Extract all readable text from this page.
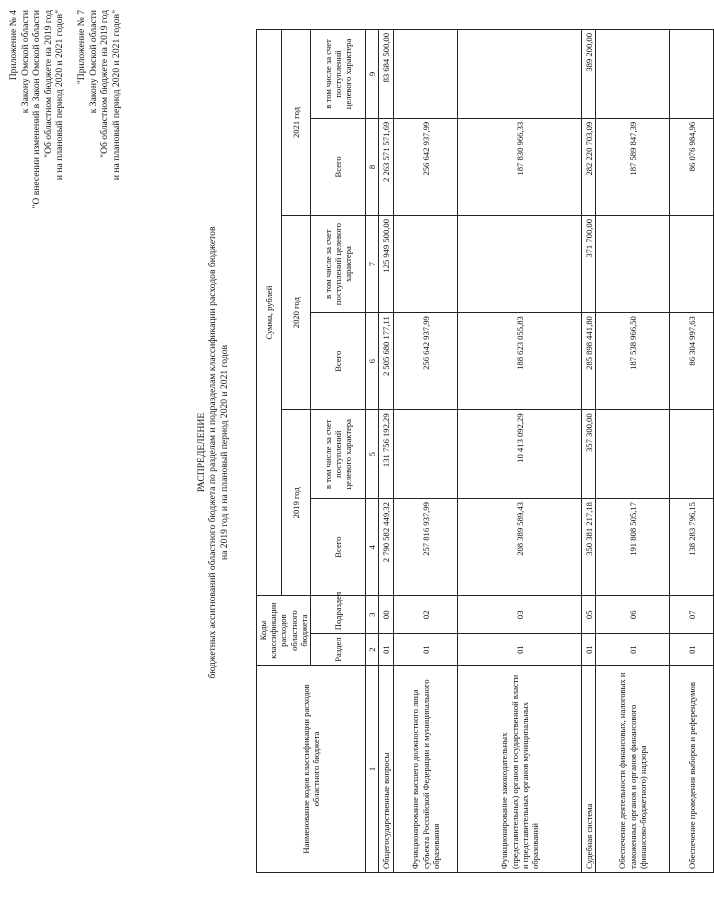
Приложение № 4 к Закону Омской области "О внесении изменений в Закон Омской области "Об областном бюджете на 2019 год и на плановый период 2020 и 2021 годов" "Приложение № 7 к Закону Омской области "Об областном бюджете на 2019 год и на плановый период 2020 и 2021 годов"
РАСПРЕДЕЛЕНИЕ бюджетных ассигнований областного бюджета по разделам и подразделам классификации расходов бюджетов на 2019 год и на плановый период 2020 и 2021 годов
Наименование кодов классификации расходов областного бюджета	Коды классификации расходов областного бюджета		Сумма, рублей					
			2019 год		2020 год		2021 год	
	Раздел	Подраздел	Всего	в том числе за счет поступлений целевого характера	Всего	в том числе за счет поступлений целевого характера	Всего	в том числе за счет поступлений целевого характера
1	2	3	4	5	6	7	8	9
Общегосударственные вопросы	01	00	2 790 582 449,32	131 756 192,29	2 505 680 177,11	125 949 500,00	2 263 571 571,69	83 684 500,00
Функционирование высшего должностного лица субъекта Российской Федерации и муниципального образования	01	02	257 816 937,99		256 642 937,99		256 642 937,99	
Функционирование законодательных (представительных) органов государственной власти и представительных органов муниципальных образований	01	03	208 389 589,43	10 413 092,29	188 623 055,83		187 830 966,33	
Судебная система	01	05	350 381 217,18	357 300,00	285 898 441,80	371 700,00	282 220 703,09	389 200,00
Обеспечение деятельности финансовых, налоговых и таможенных органов и органов финансового (финансово-бюджетного) надзора	01	06	191 808 505,17		187 538 966,50		187 589 847,39	
Обеспечение проведения выборов и референдумов	01	07	138 283 796,15		86 304 997,63		86 076 984,96	
